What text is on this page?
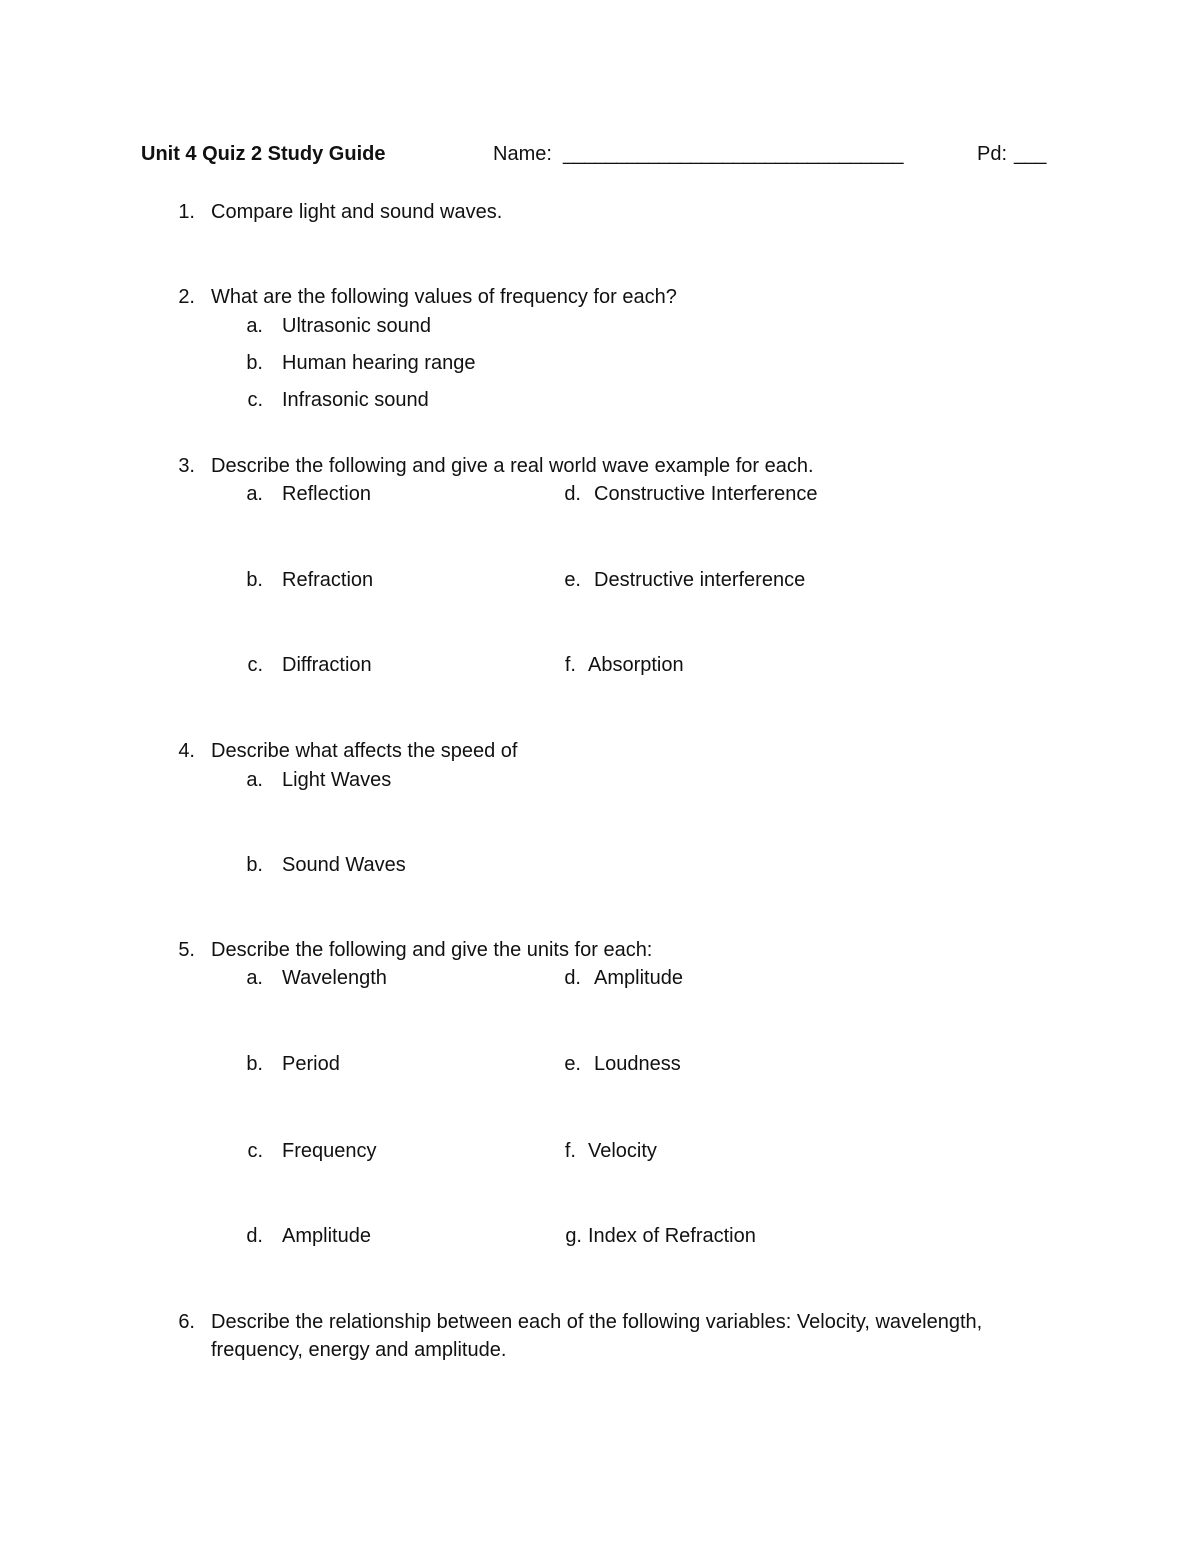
Unit 4 Quiz 2 Study Guide	Name: ________________________________	Pd: ___
1. Compare light and sound waves.
2. What are the following values of frequency for each?
a. Ultrasonic sound
b. Human hearing range
c. Infrasonic sound
3. Describe the following and give a real world wave example for each.
a. Reflection	d. Constructive Interference
b. Refraction	e. Destructive interference
c. Diffraction	f. Absorption
4. Describe what affects the speed of
a. Light Waves
b. Sound Waves
5. Describe the following and give the units for each:
a. Wavelength	d. Amplitude
b. Period	e. Loudness
c. Frequency	f. Velocity
d. Amplitude	g. Index of Refraction
6. Describe the relationship between each of the following variables: Velocity, wavelength,
frequency, energy and amplitude.
